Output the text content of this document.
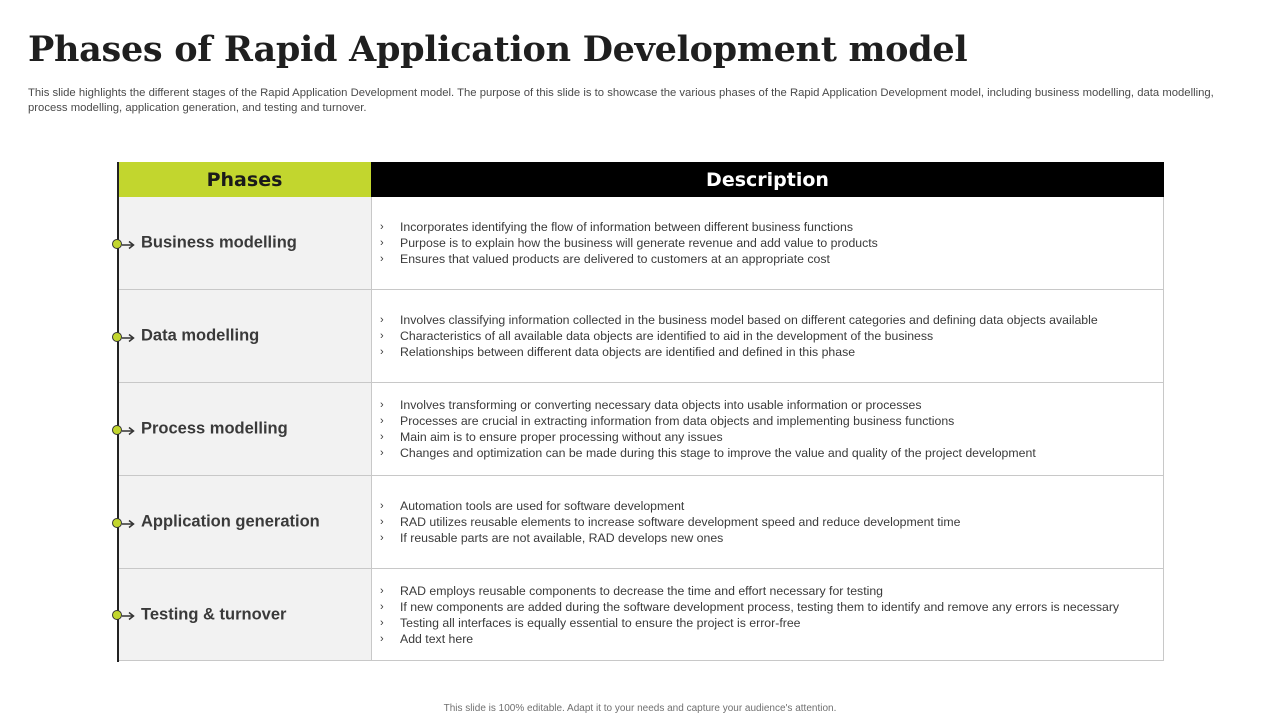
Phases of Rapid Application Development model
This slide highlights the different stages of the Rapid Application Development model. The purpose of this slide is to showcase the various phases of the Rapid Application Development model, including business modelling, data modelling, process modelling, application generation, and testing and turnover.
Phases	Description
Business modelling
› Incorporates identifying the flow of information between different business functions
› Purpose is to explain how the business will generate revenue and add value to products
› Ensures that valued products are delivered to customers at an appropriate cost
Data modelling
› Involves classifying information collected in the business model based on different categories and defining data objects available
› Characteristics of all available data objects are identified to aid in the development of the business
› Relationships between different data objects are identified and defined in this phase
Process modelling
› Involves transforming or converting necessary data objects into usable information or processes
› Processes are crucial in extracting information from data objects and implementing business functions
› Main aim is to ensure proper processing without any issues
› Changes and optimization can be made during this stage to improve the value and quality of the project development
Application generation
› Automation tools are used for software development
› RAD utilizes reusable elements to increase software development speed and reduce development time
› If reusable parts are not available, RAD develops new ones
Testing & turnover
› RAD employs reusable components to decrease the time and effort necessary for testing
› If new components are added during the software development process, testing them to identify and remove any errors is necessary
› Testing all interfaces is equally essential to ensure the project is error-free
› Add text here
This slide is 100% editable. Adapt it to your needs and capture your audience's attention.
